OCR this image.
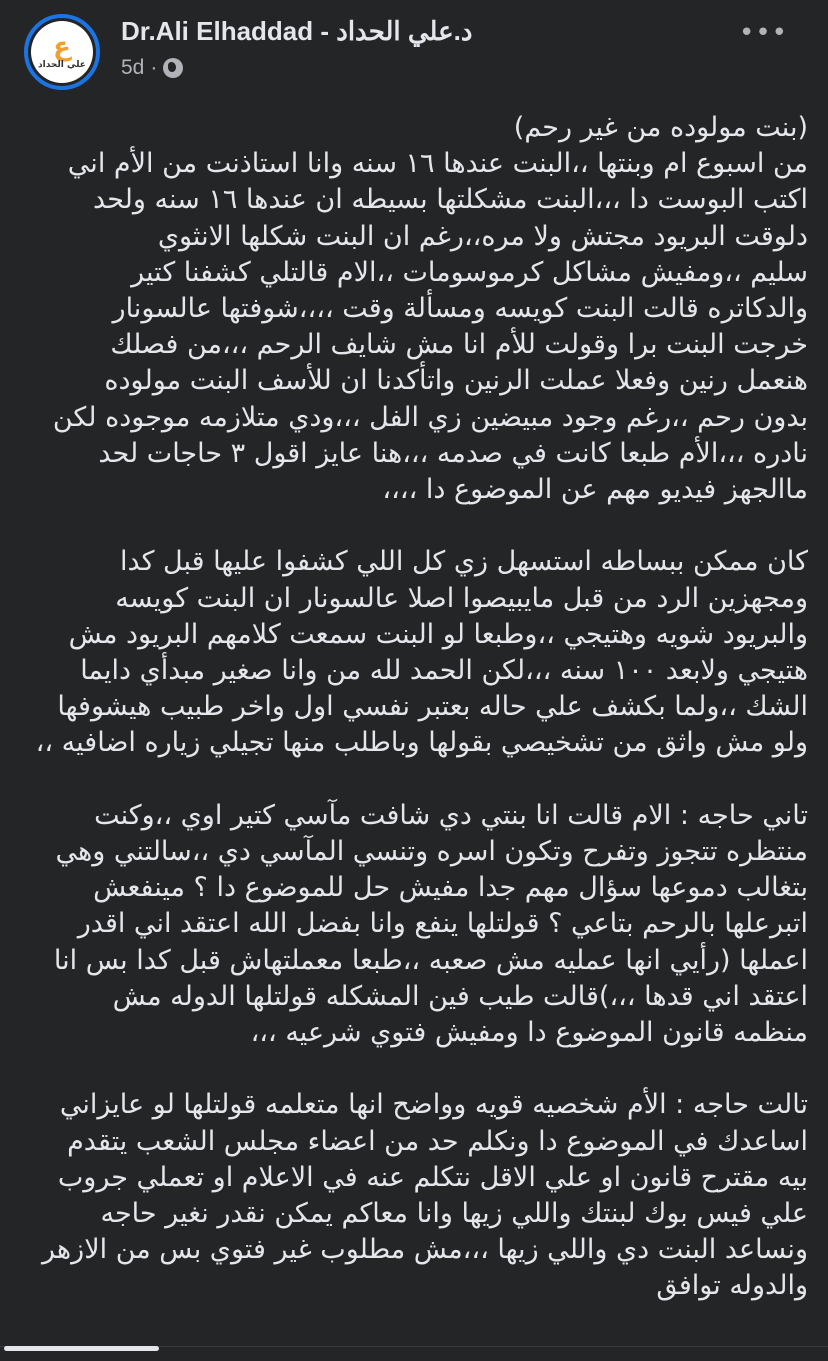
ع
علي الحداد
Dr.Ali Elhaddad - د.علي الحداد
5d ·
•••
(بنت مولوده من غير رحم)
من اسبوع ام وبنتها ،،البنت عندها ١٦ سنه وانا استاذنت من الأم اني
اكتب البوست دا ،،،البنت مشكلتها بسيطه ان عندها ١٦ سنه ولحد
دلوقت البريود مجتش ولا مره،،رغم ان البنت شكلها الانثوي
سليم ،،ومفيش مشاكل كرموسومات ،،الام قالتلي كشفنا كتير
والدكاتره قالت البنت كويسه ومسألة وقت ،،،،شوفتها عالسونار
خرجت البنت برا وقولت للأم انا مش شايف الرحم ،،،من فصلك
هنعمل رنين وفعلا عملت الرنين واتأكدنا ان للأسف البنت مولوده
بدون رحم ،،رغم وجود مبيضين زي الفل ،،،ودي متلازمه موجوده لكن
نادره ،،،الأم طبعا كانت في صدمه ،،،هنا عايز اقول ٣ حاجات لحد
ماالجهز فيديو مهم عن الموضوع دا ،،،،
كان ممكن ببساطه استسهل زي كل اللي كشفوا عليها قبل كدا
ومجهزين الرد من قبل مايبيصوا اصلا عالسونار ان البنت كويسه
والبريود شويه وهتيجي ،،وطبعا لو البنت سمعت كلامهم البريود مش
هتيجي ولابعد ١٠٠ سنه ،،،لكن الحمد لله من وانا صغير مبدأي دايما
الشك ،،ولما بكشف علي حاله بعتبر نفسي اول واخر طبيب هيشوفها
ولو مش واثق من تشخيصي بقولها وباطلب منها تجيلي زياره اضافيه ،،
تاني حاجه : الام قالت انا بنتي دي شافت مآسي كتير اوي ،،وكنت
منتظره تتجوز وتفرح وتكون اسره وتنسي المآسي دي ،،سالتني وهي
بتغالب دموعها سؤال مهم جدا مفيش حل للموضوع دا ؟ مينفعش
اتبرعلها بالرحم بتاعي ؟ قولتلها ينفع وانا بفضل الله اعتقد اني اقدر
اعملها (رأيي انها عمليه مش صعبه ،،طبعا معملتهاش قبل كدا بس انا
اعتقد اني قدها ،،،)قالت طيب فين المشكله قولتلها الدوله مش
منظمه قانون الموضوع دا ومفيش فتوي شرعيه ،،،
تالت حاجه : الأم شخصيه قويه وواضح انها متعلمه قولتلها لو عايزاني
اساعدك في الموضوع دا ونكلم حد من اعضاء مجلس الشعب يتقدم
بيه مقترح قانون او علي الاقل نتكلم عنه في الاعلام او تعملي جروب
علي فيس بوك لبنتك واللي زيها وانا معاكم يمكن نقدر نغير حاجه
ونساعد البنت دي واللي زيها ،،،مش مطلوب غير فتوي بس من الازهر
والدوله توافق
